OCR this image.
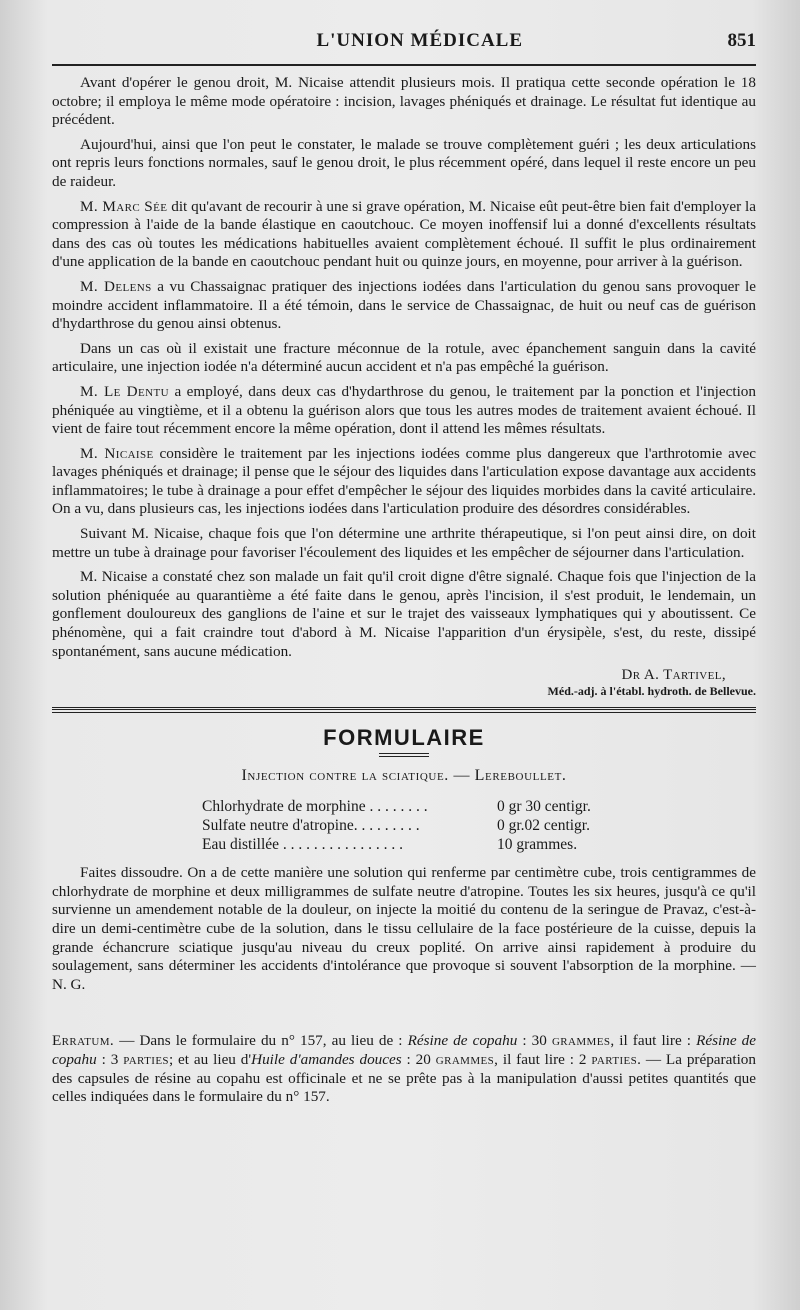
L'UNION MÉDICALE	851

Avant d'opérer le genou droit, M. Nicaise attendit plusieurs mois. Il pratiqua cette seconde opération le 18 octobre; il employa le même mode opératoire : incision, lavages phéniqués et drainage. Le résultat fut identique au précédent.

Aujourd'hui, ainsi que l'on peut le constater, le malade se trouve complètement guéri ; les deux articulations ont repris leurs fonctions normales, sauf le genou droit, le plus récemment opéré, dans lequel il reste encore un peu de raideur.

M. Marc Sée dit qu'avant de recourir à une si grave opération, M. Nicaise eût peut-être bien fait d'employer la compression à l'aide de la bande élastique en caoutchouc. Ce moyen inoffensif lui a donné d'excellents résultats dans des cas où toutes les médications habituelles avaient complètement échoué. Il suffit le plus ordinairement d'une application de la bande en caoutchouc pendant huit ou quinze jours, en moyenne, pour arriver à la guérison.

M. Delens a vu Chassaignac pratiquer des injections iodées dans l'articulation du genou sans provoquer le moindre accident inflammatoire. Il a été témoin, dans le service de Chassaignac, de huit ou neuf cas de guérison d'hydarthrose du genou ainsi obtenus.

Dans un cas où il existait une fracture méconnue de la rotule, avec épanchement sanguin dans la cavité articulaire, une injection iodée n'a déterminé aucun accident et n'a pas empêché la guérison.

M. Le Dentu a employé, dans deux cas d'hydarthrose du genou, le traitement par la ponction et l'injection phéniquée au vingtième, et il a obtenu la guérison alors que tous les autres modes de traitement avaient échoué. Il vient de faire tout récemment encore la même opération, dont il attend les mêmes résultats.

M. Nicaise considère le traitement par les injections iodées comme plus dangereux que l'arthrotomie avec lavages phéniqués et drainage; il pense que le séjour des liquides dans l'articulation expose davantage aux accidents inflammatoires; le tube à drainage a pour effet d'empêcher le séjour des liquides morbides dans la cavité articulaire. On a vu, dans plusieurs cas, les injections iodées dans l'articulation produire des désordres considérables.

Suivant M. Nicaise, chaque fois que l'on détermine une arthrite thérapeutique, si l'on peut ainsi dire, on doit mettre un tube à drainage pour favoriser l'écoulement des liquides et les empêcher de séjourner dans l'articulation.

M. Nicaise a constaté chez son malade un fait qu'il croit digne d'être signalé. Chaque fois que l'injection de la solution phéniquée au quarantième a été faite dans le genou, après l'incision, il s'est produit, le lendemain, un gonflement douloureux des ganglions de l'aine et sur le trajet des vaisseaux lymphatiques qui y aboutissent. Ce phénomène, qui a fait craindre tout d'abord à M. Nicaise l'apparition d'un érysipèle, s'est, du reste, dissipé spontanément, sans aucune médication.

Dr A. Tartivel,
Méd.-adj. à l'établ. hydroth. de Bellevue.
FORMULAIRE
Injection contre la sciatique. — Lereboullet.
Chlorhydrate de morphine . . . . . . . .	0 gr 30 centigr.
Sulfate neutre d'atropine. . . . . . . . .	0 gr.02 centigr.
Eau distillée . . . . . . . . . . . . . . . .	10 grammes.

Faites dissoudre. On a de cette manière une solution qui renferme par centimètre cube, trois centigrammes de chlorhydrate de morphine et deux milligrammes de sulfate neutre d'atropine. Toutes les six heures, jusqu'à ce qu'il survienne un amendement notable de la douleur, on injecte la moitié du contenu de la seringue de Pravaz, c'est-à-dire un demi-centimètre cube de la solution, dans le tissu cellulaire de la face postérieure de la cuisse, depuis la grande échancrure sciatique jusqu'au niveau du creux poplité. On arrive ainsi rapidement à produire du soulagement, sans déterminer les accidents d'intolérance que provoque si souvent l'absorption de la morphine. — N. G.

Erratum. — Dans le formulaire du n° 157, au lieu de : Résine de copahu : 30 grammes, il faut lire : Résine de copahu : 3 parties; et au lieu d'Huile d'amandes douces : 20 grammes, il faut lire : 2 parties. — La préparation des capsules de résine au copahu est officinale et ne se prête pas à la manipulation d'aussi petites quantités que celles indiquées dans le formulaire du n° 157.
